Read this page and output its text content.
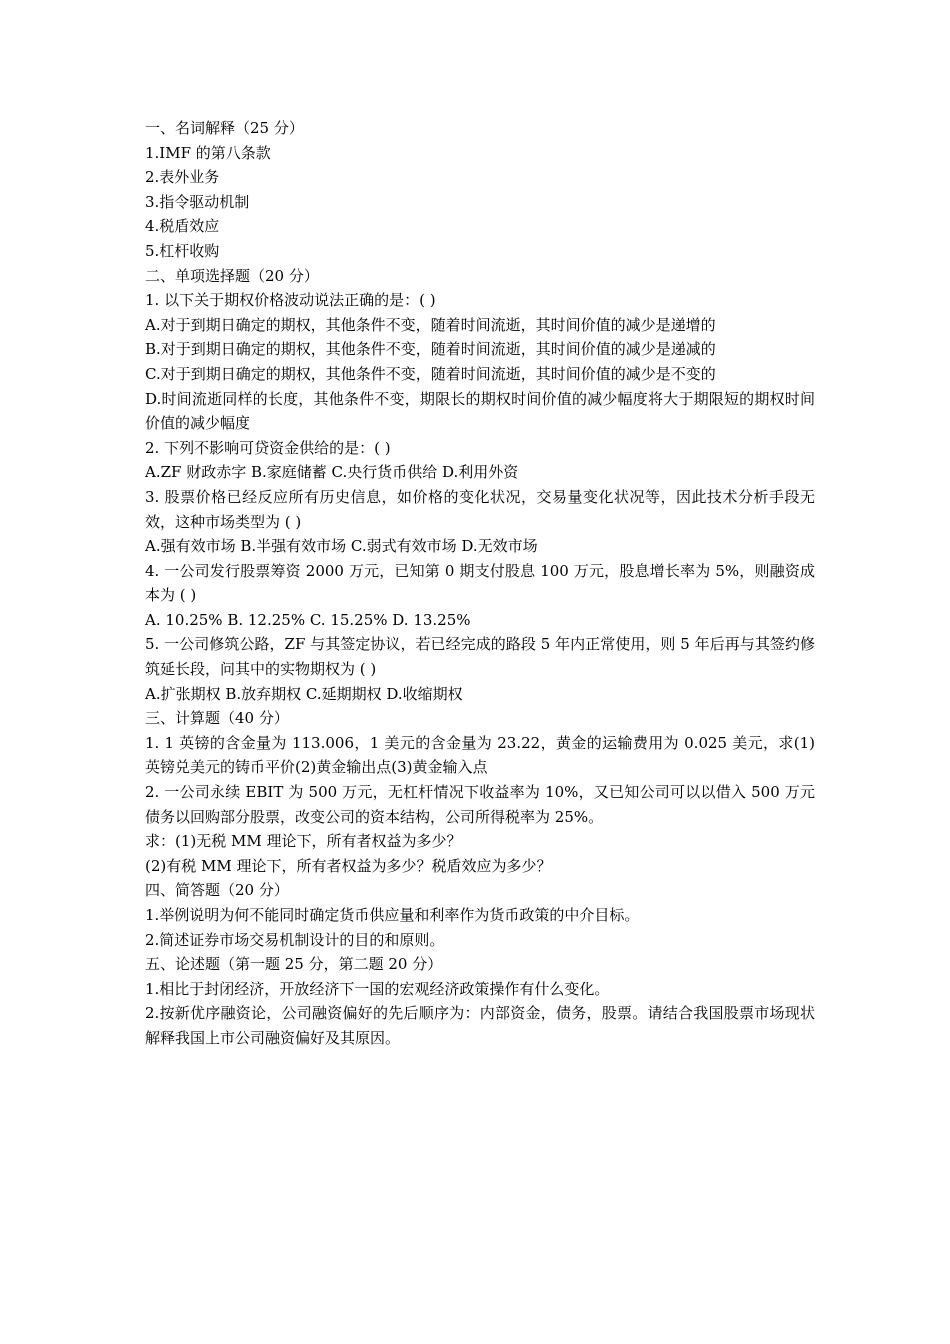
一、名词解释（25 分）

1.IMF 的第八条款

2.表外业务

3.指令驱动机制

4.税盾效应

5.杠杆收购

二、单项选择题（20 分）

1. 以下关于期权价格波动说法正确的是：( )

A.对于到期日确定的期权，其他条件不变，随着时间流逝，其时间价值的减少是递增的

B.对于到期日确定的期权，其他条件不变，随着时间流逝，其时间价值的减少是递减的

C.对于到期日确定的期权，其他条件不变，随着时间流逝，其时间价值的减少是不变的

D.时间流逝同样的长度，其他条件不变，期限长的期权时间价值的减少幅度将大于期限短的期权时间价值的减少幅度

2. 下列不影响可贷资金供给的是：( )

A.ZF 财政赤字 B.家庭储蓄 C.央行货币供给 D.利用外资

3. 股票价格已经反应所有历史信息，如价格的变化状况，交易量变化状况等，因此技术分析手段无效，这种市场类型为 ( )

A.强有效市场 B.半强有效市场 C.弱式有效市场 D.无效市场

4. 一公司发行股票筹资 2000 万元，已知第 0 期支付股息 100 万元，股息增长率为 5%，则融资成本为 ( )

A. 10.25% B. 12.25% C. 15.25% D. 13.25%

5. 一公司修筑公路，ZF 与其签定协议，若已经完成的路段 5 年内正常使用，则 5 年后再与其签约修筑延长段，问其中的实物期权为 ( )

A.扩张期权 B.放弃期权 C.延期期权 D.收缩期权

三、计算题（40 分）

1. 1 英镑的含金量为 113.006，1 美元的含金量为 23.22，黄金的运输费用为 0.025 美元，求(1)英镑兑美元的铸币平价(2)黄金输出点(3)黄金输入点

2. 一公司永续 EBIT 为 500 万元，无杠杆情况下收益率为 10%，又已知公司可以以借入 500 万元债务以回购部分股票，改变公司的资本结构，公司所得税率为 25%。

求：(1)无税 MM 理论下，所有者权益为多少？

(2)有税 MM 理论下，所有者权益为多少？税盾效应为多少？

四、简答题（20 分）

1.举例说明为何不能同时确定货币供应量和利率作为货币政策的中介目标。

2.简述证券市场交易机制设计的目的和原则。

五、论述题（第一题 25 分，第二题 20 分）

1.相比于封闭经济，开放经济下一国的宏观经济政策操作有什么变化。

2.按新优序融资论，公司融资偏好的先后顺序为：内部资金，债务，股票。请结合我国股票市场现状解释我国上市公司融资偏好及其原因。
